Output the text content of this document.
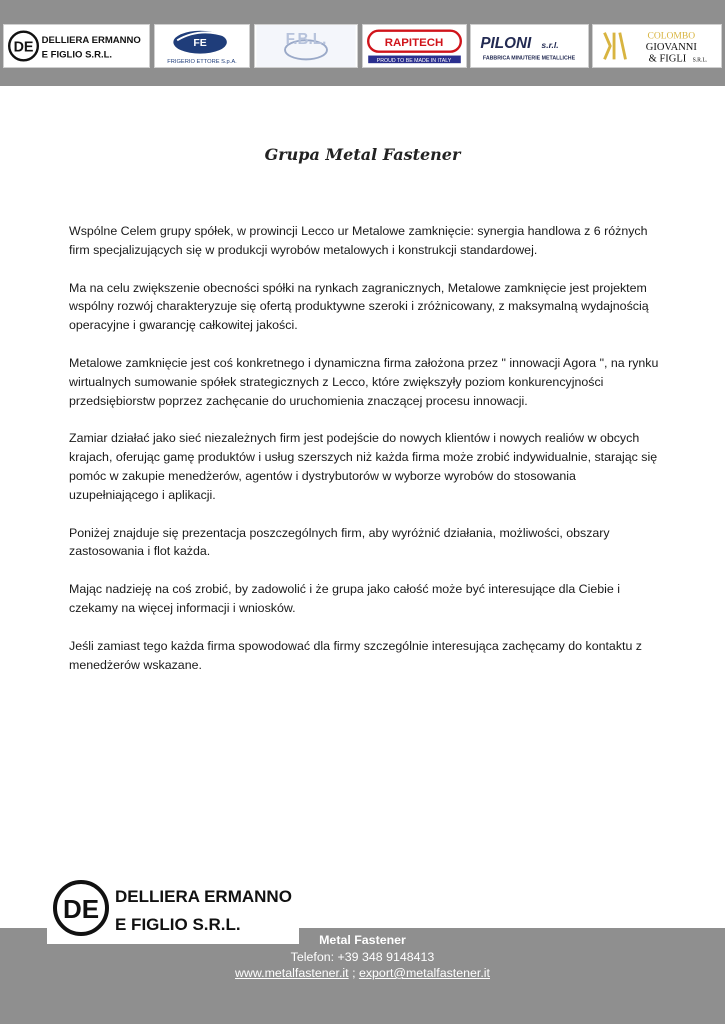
DE DELLIERA ERMANNO
E FIGLIO S.R.L.
FE
FRIGERIO ETTORE S.p.A.
F.B.L.	RAPITECH
PROUD TO BE MADE IN ITALY
PILONI s.r.l.
FABBRICA MINUTERIE METALLICHE
COLOMBO
GIOVANNI
& FIGLI S.R.L.
Grupa Metal Fastener

Wspólne Celem grupy spółek, w prowincji Lecco ur Metalowe zamknięcie: synergia handlowa z 6 różnych firm specjalizujących się w produkcji wyrobów metalowych i konstrukcji standardowej.

Ma na celu zwiększenie obecności spółki na rynkach zagranicznych, Metalowe zamknięcie jest projektem wspólny rozwój charakteryzuje się ofertą produktywne szeroki i zróżnicowany, z maksymalną wydajnością operacyjne i gwarancję całkowitej jakości.

Metalowe zamknięcie jest coś konkretnego i dynamiczna firma założona przez " innowacji Agora ", na rynku wirtualnych sumowanie spółek strategicznych z Lecco, które zwiększyły poziom konkurencyjności przedsiębiorstw poprzez zachęcanie do uruchomienia znaczącej procesu innowacji.

Zamiar działać jako sieć niezależnych firm jest podejście do nowych klientów i nowych realiów w obcych krajach, oferując gamę produktów i usług szerszych niż każda firma może zrobić indywidualnie, starając się pomóc w zakupie menedżerów, agentów i dystrybutorów w wyborze wyrobów do stosowania uzupełniającego i aplikacji.

Poniżej znajduje się prezentacja poszczególnych firm, aby wyróżnić działania, możliwości, obszary zastosowania i flot każda.

Mając nadzieję na coś zrobić, by zadowolić i że grupa jako całość może być interesujące dla Ciebie i czekamy na więcej informacji i wniosków.

Jeśli zamiast tego każda firma spowodować dla firmy szczególnie interesująca zachęcamy do kontaktu z menedżerów wskazane.

DE DELLIERA ERMANNO
E FIGLIO S.R.L.
Metal Fastener
Telefon: +39 348 9148413
www.metalfastener.it ; export@metalfastener.it
